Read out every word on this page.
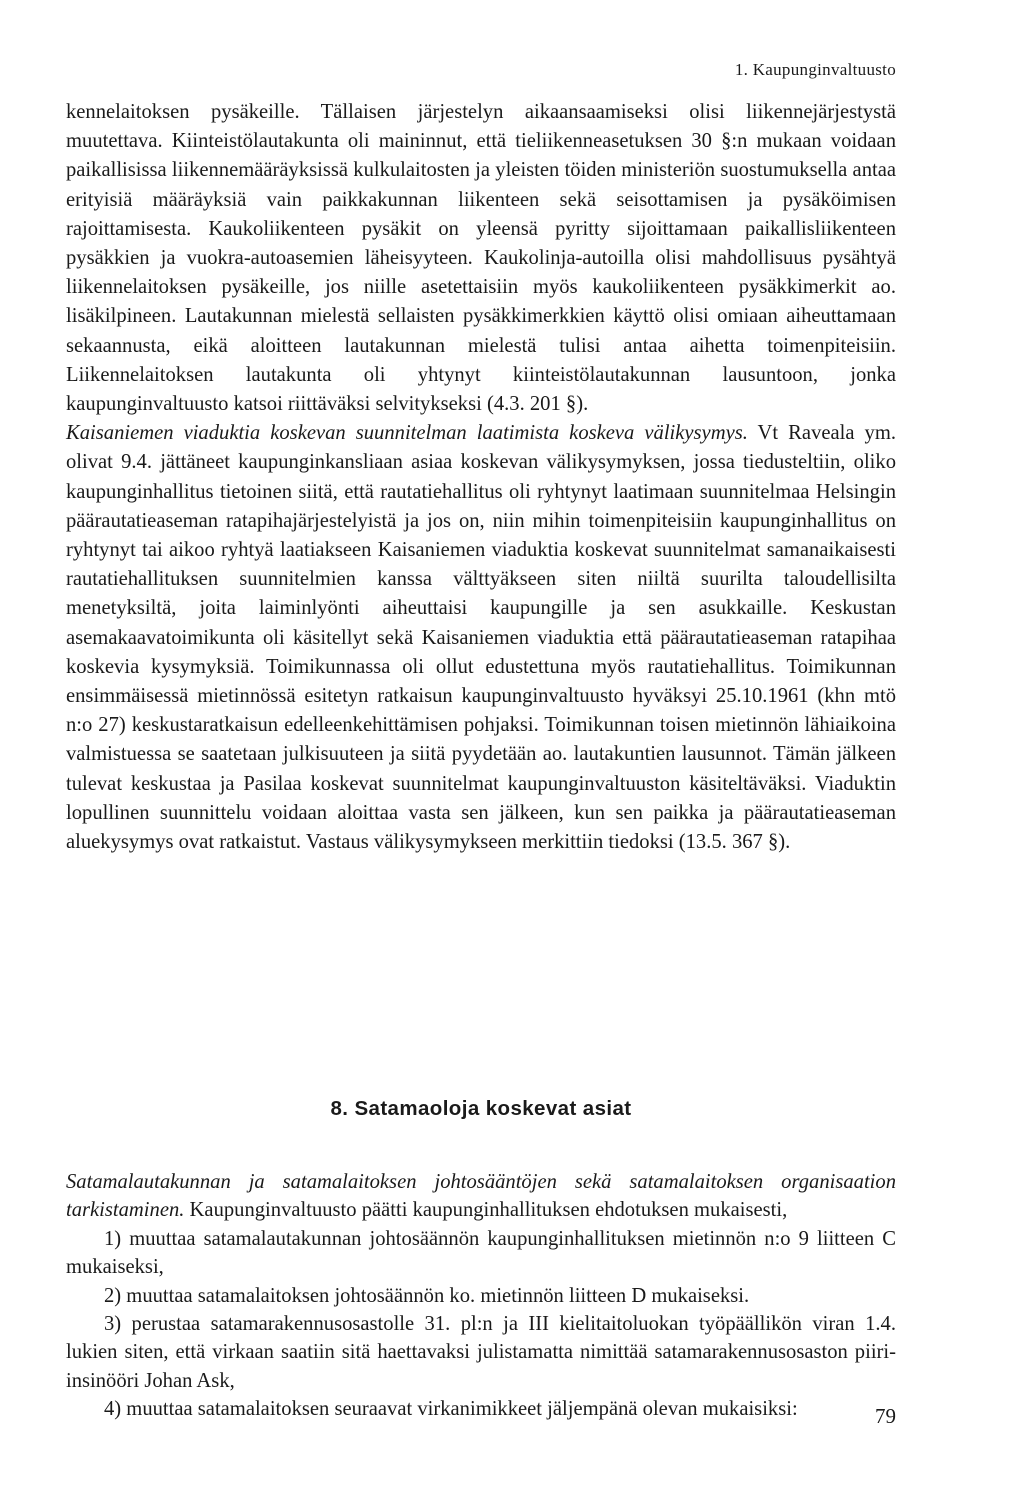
1. Kaupunginvaltuusto

kennelaitoksen pysäkeille. Tällaisen järjestelyn aikaansaamiseksi olisi liikennejärjestystä muutettava. Kiinteistölautakunta oli maininnut, että tieliikenneasetuksen 30 §:n mukaan voidaan paikallisissa liikennemääräyksissä kulkulaitosten ja yleisten töiden ministeriön suostumuksella antaa erityisiä määräyksiä vain paikkakunnan liikenteen sekä seisottamisen ja pysäköimisen rajoittamisesta. Kaukoliikenteen pysäkit on yleensä pyritty sijoittamaan paikallisliikenteen pysäkkien ja vuokra-autoasemien läheisyyteen. Kaukolinja-autoilla olisi mahdollisuus pysähtyä liikennelaitoksen pysäkeille, jos niille asetettaisiin myös kaukoliikenteen pysäkkimerkit ao. lisäkilpineen. Lautakunnan mielestä sellaisten pysäkkimerkkien käyttö olisi omiaan aiheuttamaan sekaannusta, eikä aloitteen lautakunnan mielestä tulisi antaa aihetta toimenpiteisiin. Liikennelaitoksen lautakunta oli yhtynyt kiinteistölautakunnan lausuntoon, jonka kaupunginvaltuusto katsoi riittäväksi selvitykseksi (4.3. 201 §).

Kaisaniemen viaduktia koskevan suunnitelman laatimista koskeva välikysymys. Vt Raveala ym. olivat 9.4. jättäneet kaupunginkansliaan asiaa koskevan välikysymyksen, jossa tiedusteltiin, oliko kaupunginhallitus tietoinen siitä, että rautatiehallitus oli ryhtynyt laatimaan suunnitelmaa Helsingin päärautatieaseman ratapihajärjestelyistä ja jos on, niin mihin toimenpiteisiin kaupunginhallitus on ryhtynyt tai aikoo ryhtyä laatiakseen Kaisaniemen viaduktia koskevat suunnitelmat samanaikaisesti rautatiehallituksen suunnitelmien kanssa välttyäkseen siten niiltä suurilta taloudellisilta menetyksiltä, joita laiminlyönti aiheuttaisi kaupungille ja sen asukkaille. Keskustan asemakaavatoimikunta oli käsitellyt sekä Kaisaniemen viaduktia että päärautatieaseman ratapihaa koskevia kysymyksiä. Toimikunnassa oli ollut edustettuna myös rautatiehallitus. Toimikunnan ensimmäisessä mietinnössä esitetyn ratkaisun kaupunginvaltuusto hyväksyi 25.10.1961 (khn mtö n:o 27) keskustaratkaisun edelleenkehittämisen pohjaksi. Toimikunnan toisen mietinnön lähiaikoina valmistuessa se saatetaan julkisuuteen ja siitä pyydetään ao. lautakuntien lausunnot. Tämän jälkeen tulevat keskustaa ja Pasilaa koskevat suunnitelmat kaupunginvaltuuston käsiteltäväksi. Viaduktin lopullinen suunnittelu voidaan aloittaa vasta sen jälkeen, kun sen paikka ja päärautatieaseman aluekysymys ovat ratkaistut. Vastaus välikysymykseen merkittiin tiedoksi (13.5. 367 §).

8. Satamaoloja koskevat asiat

Satamalautakunnan ja satamalaitoksen johtosääntöjen sekä satamalaitoksen organisaation tarkistaminen. Kaupunginvaltuusto päätti kaupunginhallituksen ehdotuksen mukaisesti,

1) muuttaa satamalautakunnan johtosäännön kaupunginhallituksen mietinnön n:o 9 liitteen C mukaiseksi,

2) muuttaa satamalaitoksen johtosäännön ko. mietinnön liitteen D mukaiseksi.

3) perustaa satamarakennusosastolle 31. pl:n ja III kielitaitoluokan työpäällikön viran 1.4. lukien siten, että virkaan saatiin sitä haettavaksi julistamatta nimittää satamarakennusosaston piiri-insinööri Johan Ask,

4) muuttaa satamalaitoksen seuraavat virkanimikkeet jäljempänä olevan mukaisiksi:	79
